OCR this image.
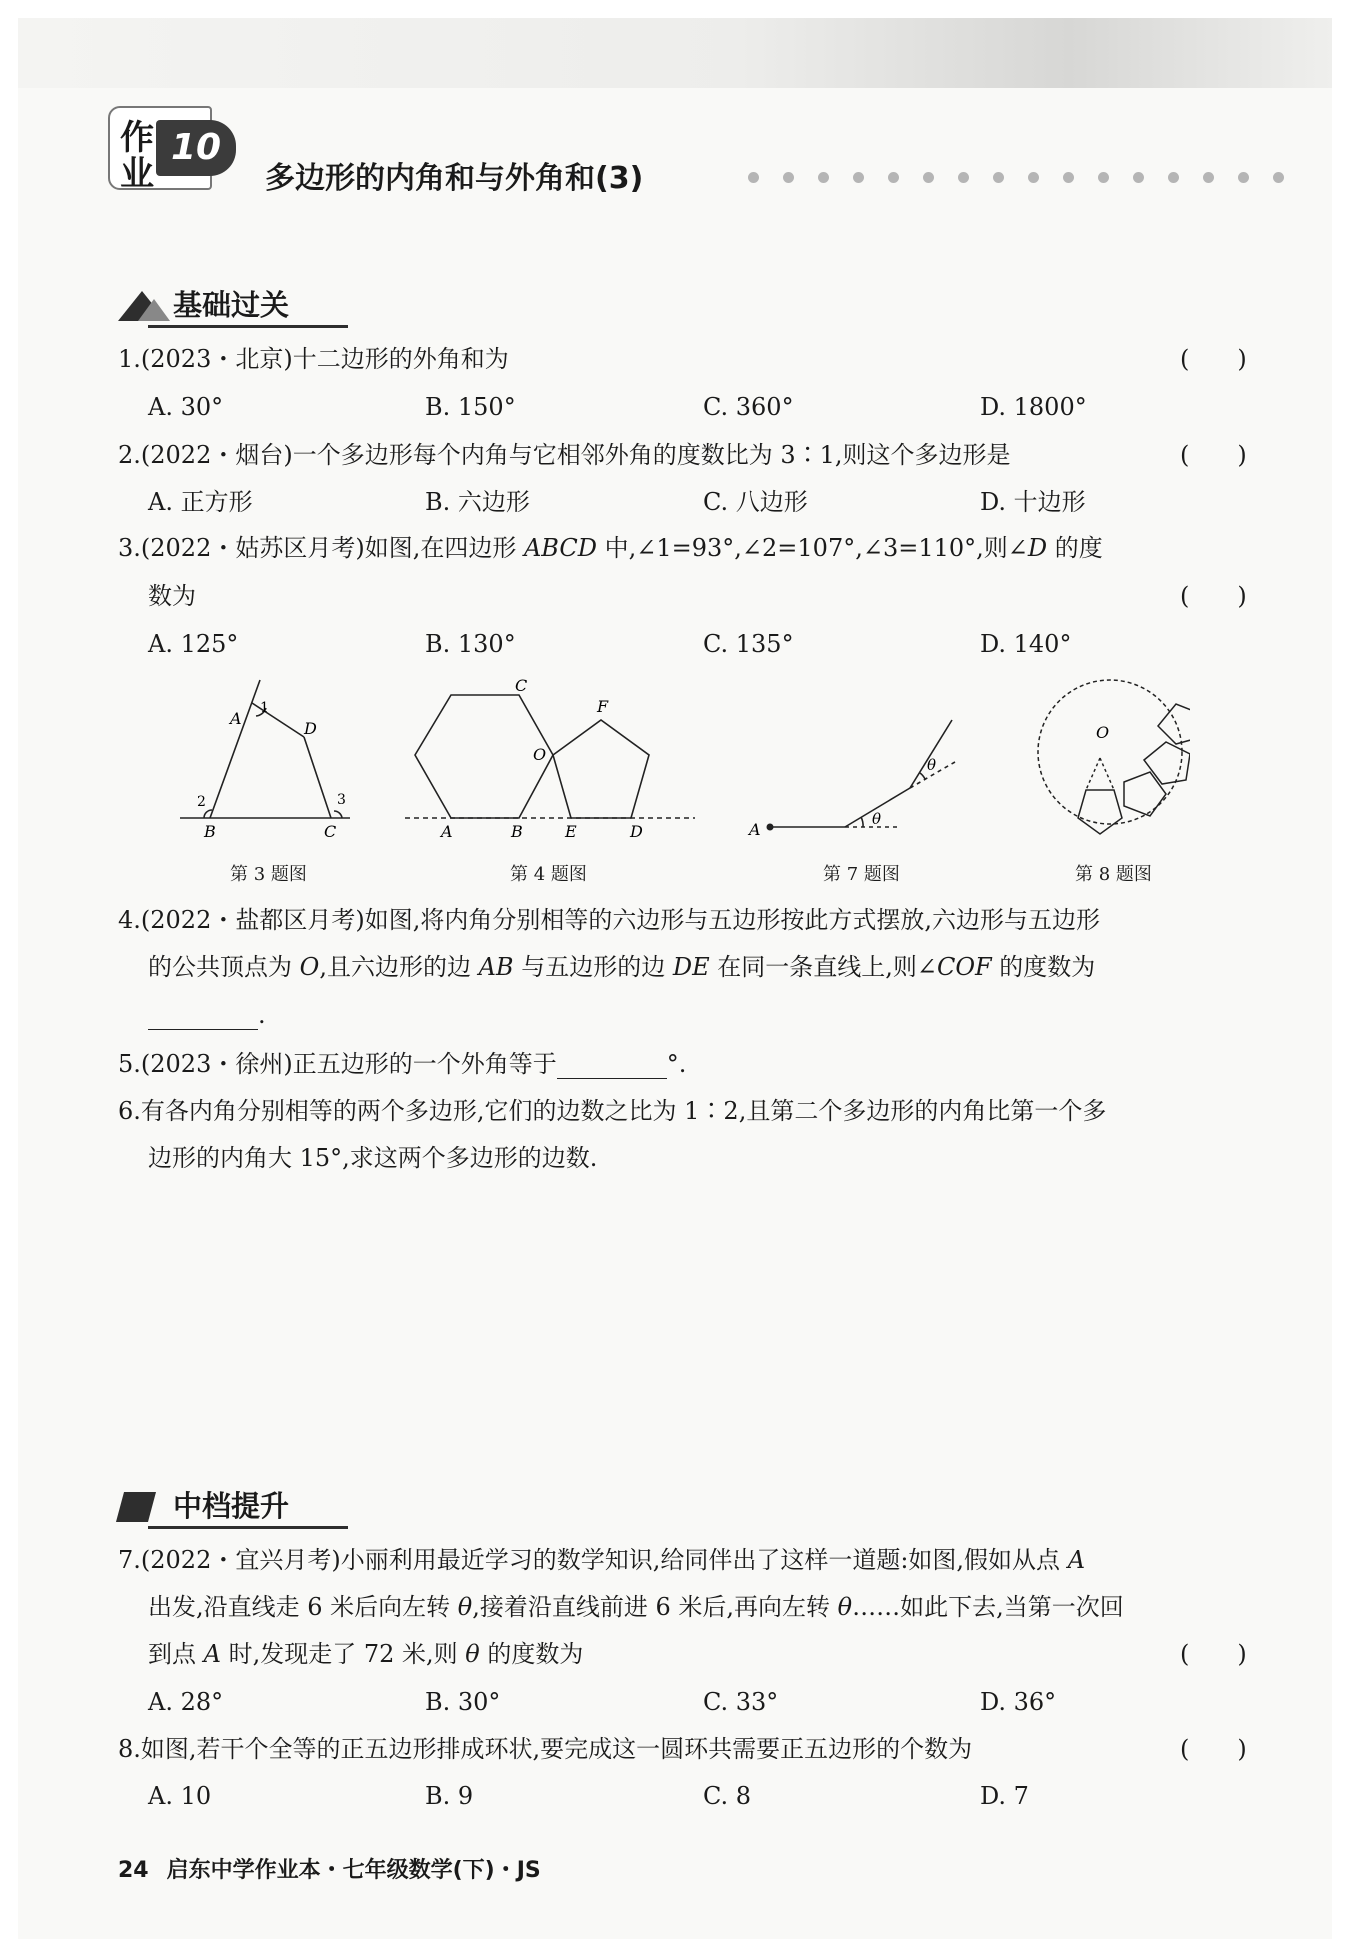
作
业
10
多边形的内角和与外角和(3)
基础过关
1.(2023・北京)十二边形的外角和为	(　　)
A. 30°	B. 150°	C. 360°	D. 1800°
2.(2022・烟台)一个多边形每个内角与它相邻外角的度数比为 3∶1,则这个多边形是	(　　)
A. 正方形	B. 六边形	C. 八边形	D. 十边形
3.(2022・姑苏区月考)如图,在四边形 ABCD 中,∠1=93°,∠2=107°,∠3=110°,则∠D 的度
数为	(　　)
A. 125°	B. 130°	C. 135°	D. 140°
A
1
D
2	3
B	C
第 3 题图
C
F
O
A	B	E	D
第 4 题图
A
θ
θ
第 7 题图
O
第 8 题图
4.(2022・盐都区月考)如图,将内角分别相等的六边形与五边形按此方式摆放,六边形与五边形
的公共顶点为 O,且六边形的边 AB 与五边形的边 DE 在同一条直线上,则∠COF 的度数为
.
5.(2023・徐州)正五边形的一个外角等于	°.
6.有各内角分别相等的两个多边形,它们的边数之比为 1∶2,且第二个多边形的内角比第一个多
边形的内角大 15°,求这两个多边形的边数.
中档提升
7.(2022・宜兴月考)小丽利用最近学习的数学知识,给同伴出了这样一道题:如图,假如从点 A
出发,沿直线走 6 米后向左转 θ,接着沿直线前进 6 米后,再向左转 θ……如此下去,当第一次回
到点 A 时,发现走了 72 米,则 θ 的度数为	(　　)
A. 28°	B. 30°	C. 33°	D. 36°
8.如图,若干个全等的正五边形排成环状,要完成这一圆环共需要正五边形的个数为	(　　)
A. 10	B. 9	C. 8	D. 7
24 启东中学作业本・七年级数学(下)・JS
